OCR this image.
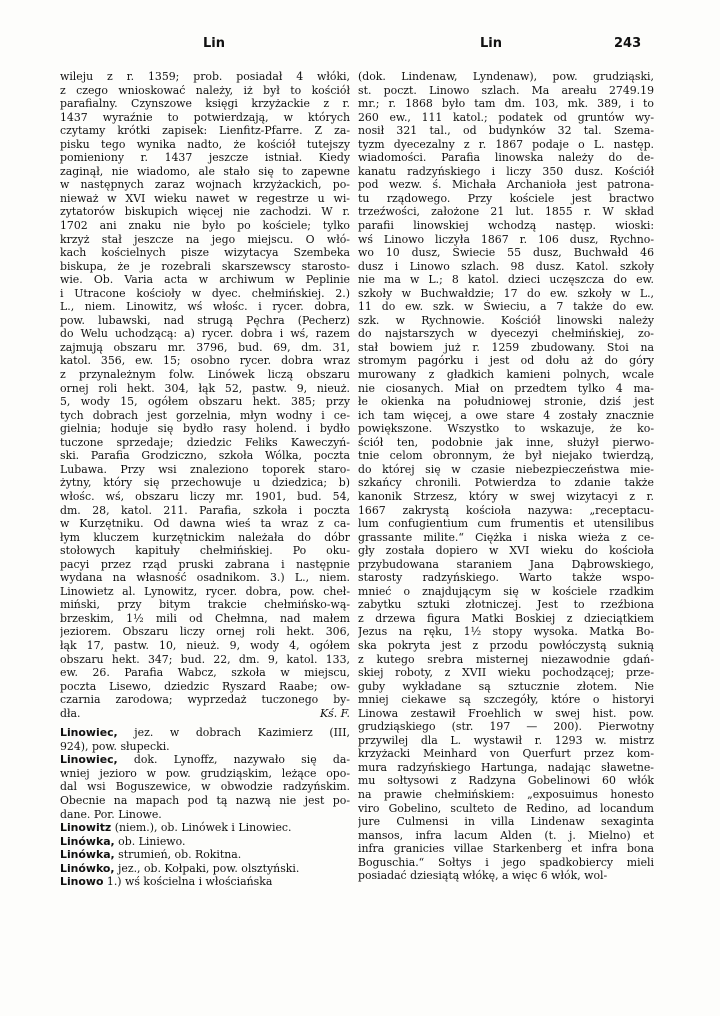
Lin	Lin	243
wileju z r. 1359; prob. posiadał 4 włóki,
z czego wnioskować należy, iż był to kościół
parafialny. Czynszowe księgi krzyżackie z r.
1437 wyraźnie to potwierdzają, w których
czytamy krótki zapisek: Lienfitz-Pfarre. Z za-
pisku tego wynika nadto, że kościół tutejszy
pomieniony r. 1437 jeszcze istniał. Kiedy
zaginął, nie wiadomo, ale stało się to zapewne
w następnych zaraz wojnach krzyżackich, po-
nieważ w XVI wieku nawet w regestrze u wi-
zytatorów biskupich więcej nie zachodzi. W r.
1702 ani znaku nie było po kościele; tylko
krzyż stał jeszcze na jego miejscu. O włó-
kach kościelnych pisze wizytacya Szembeka
biskupa, że je rozebrali skarszewscy starosto-
wie. Ob. Varia acta w archiwum w Peplinie
i Utracone kościoły w dyec. chełmińskiej. 2.)
L., niem. Linowitz, wś włośc. i rycer. dobra,
pow. lubawski, nad strugą Pęchra (Pecherz)
do Welu uchodzącą: a) rycer. dobra i wś, razem
zajmują obszaru mr. 3796, bud. 69, dm. 31,
katol. 356, ew. 15; osobno rycer. dobra wraz
z przynależnym folw. Linówek liczą obszaru
ornej roli hekt. 304, łąk 52, pastw. 9, nieuż.
5, wody 15, ogółem obszaru hekt. 385; przy
tych dobrach jest gorzelnia, młyn wodny i ce-
gielnia; hoduje się bydło rasy holend. i bydło
tuczone sprzedaje; dziedzic Feliks Kaweczyń-
ski. Parafia Grodziczno, szkoła Wólka, poczta
Lubawa. Przy wsi znaleziono toporek staro-
żytny, który się przechowuje u dziedzica; b)
włośc. wś, obszaru liczy mr. 1901, bud. 54,
dm. 28, katol. 211. Parafia, szkoła i poczta
w Kurzętniku. Od dawna wieś ta wraz z ca-
łym kluczem kurzętnickim należała do dóbr
stołowych kapituły chełmińskiej. Po oku-
pacyi przez rząd pruski zabrana i następnie
wydana na własność osadnikom. 3.) L., niem.
Linowietz al. Lynowitz, rycer. dobra, pow. cheł-
miński, przy bitym trakcie chełmińsko-wą-
brzeskim, 1½ mili od Chełmna, nad małem
jeziorem. Obszaru liczy ornej roli hekt. 306,
łąk 17, pastw. 10, nieuż. 9, wody 4, ogółem
obszaru hekt. 347; bud. 22, dm. 9, katol. 133,
ew. 26. Parafia Wabcz, szkoła w miejscu,
poczta Lisewo, dziedzic Ryszard Raabe; ow-
czarnia zarodowa; wyprzedaż tuczonego by-
dła.	Kś. F.
Linowiec, jez. w dobrach Kazimierz (III,
924), pow. słupecki.
Linowiec, dok. Lynoffz, nazywało się da-
wniej jezioro w pow. grudziąskim, leżące opo-
dal wsi Boguszewice, w obwodzie radzyńskim.
Obecnie na mapach pod tą nazwą nie jest po-
dane. Por. Linowe.
Linowitz (niem.), ob. Linówek i Linowiec.
Linówka, ob. Liniewo.
Linówka, strumień, ob. Rokitna.
Linówko, jez., ob. Kołpaki, pow. olsztyński.
Linowo 1.) wś kościelna i włościańska
(dok. Lindenaw, Lyndenaw), pow. grudziąski,
st. poczt. Linowo szlach. Ma areału 2749.19
mr.; r. 1868 było tam dm. 103, mk. 389, i to
260 ew., 111 katol.; podatek od gruntów wy-
nosił 321 tal., od budynków 32 tal. Szema-
tyzm dyecezalny z r. 1867 podaje o L. następ.
wiadomości. Parafia linowska należy do de-
kanatu radzyńskiego i liczy 350 dusz. Kościół
pod wezw. ś. Michała Archanioła jest patrona-
tu rządowego. Przy kościele jest bractwo
trzeźwości, założone 21 lut. 1855 r. W skład
parafii linowskiej wchodzą następ. wioski:
wś Linowo liczyła 1867 r. 106 dusz, Rychno-
wo 10 dusz, Świecie 55 dusz, Buchwałd 46
dusz i Linowo szlach. 98 dusz. Katol. szkoły
nie ma w L.; 8 katol. dzieci uczęszcza do ew.
szkoły w Buchwałdzie; 17 do ew. szkoły w L.,
11 do ew. szk. w Świeciu, a 7 także do ew.
szk. w Rychnowie. Kościół linowski należy
do najstarszych w dyecezyi chełmińskiej, zo-
stał bowiem już r. 1259 zbudowany. Stoi na
stromym pagórku i jest od dołu aż do góry
murowany z gładkich kamieni polnych, wcale
nie ciosanych. Miał on przedtem tylko 4 ma-
łe okienka na południowej stronie, dziś jest
ich tam więcej, a owe stare 4 zostały znacznie
powiększone. Wszystko to wskazuje, że ko-
ściół ten, podobnie jak inne, służył pierwo-
tnie celom obronnym, że był niejako twierdzą,
do której się w czasie niebezpieczeństwa mie-
szkańcy chronili. Potwierdza to zdanie także
kanonik Strzesz, który w swej wizytacyi z r.
1667 zakrystą kościoła nazywa: „receptacu-
lum confugientium cum frumentis et utensilibus
grassante milite.“ Ciężka i niska wieża z ce-
gły została dopiero w XVI wieku do kościoła
przybudowana staraniem Jana Dąbrowskiego,
starosty radzyńskiego. Warto także wspo-
mnieć o znajdującym się w kościele rzadkim
zabytku sztuki złotniczej. Jest to rzeźbiona
z drzewa figura Matki Boskiej z dzieciątkiem
Jezus na ręku, 1½ stopy wysoka. Matka Bo-
ska pokryta jest z przodu powłóczystą suknią
z kutego srebra misternej niezawodnie gdań-
skiej roboty, z XVII wieku pochodzącej; prze-
guby wykładane są sztucznie złotem. Nie
mniej ciekawe są szczegóły, które o historyi
Linowa zestawił Froehlich w swej hist. pow.
grudziąskiego (str. 197 — 200). Pierwotny
przywilej dla L. wystawił r. 1293 w. mistrz
krzyżacki Meinhard von Querfurt przez kom-
mura radzyńskiego Hartunga, nadając sławetne-
mu sołtysowi z Radzyna Gobelinowi 60 włók
na prawie chełmińskiem: „exposuimus honesto
viro Gobelino, sculteto de Redino, ad locandum
jure Culmensi in villa Lindenaw sexaginta
mansos, infra lacum Alden (t. j. Mielno) et
infra granicies villae Starkenberg et infra bona
Boguschia.“ Sołtys i jego spadkobiercy mieli
posiadać dziesiątą włókę, a więc 6 włók, wol-
